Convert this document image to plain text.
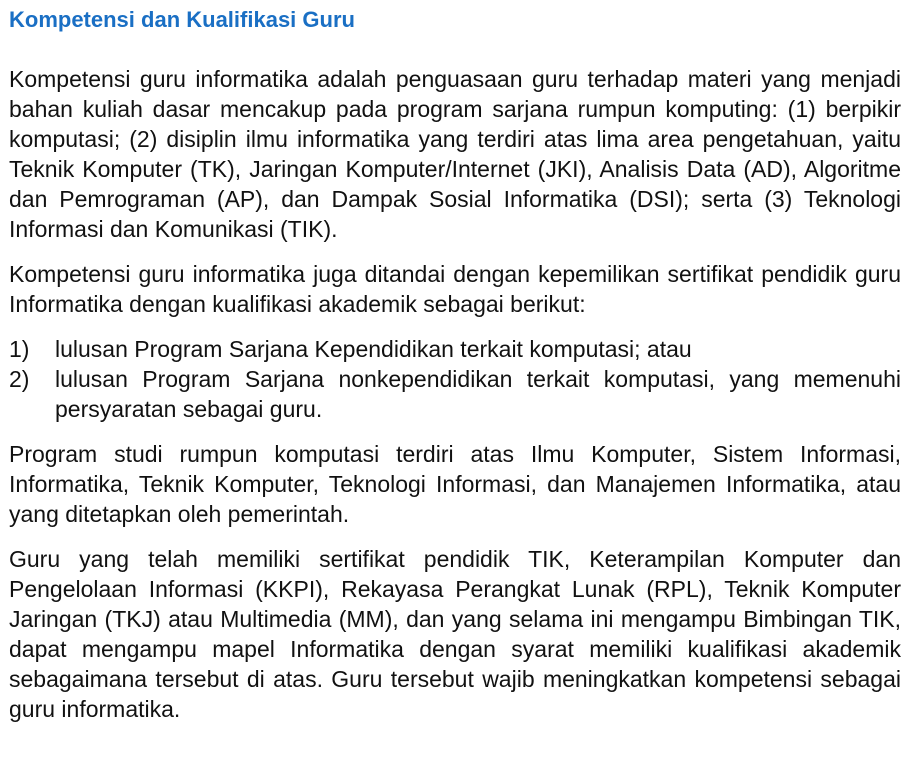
Kompetensi dan Kualifikasi Guru

Kompetensi guru informatika adalah penguasaan guru terhadap materi yang menjadi bahan kuliah dasar mencakup pada program sarjana rumpun komputing: (1) berpikir komputasi; (2) disiplin ilmu informatika yang terdiri atas lima area pengetahuan, yaitu Teknik Komputer (TK), Jaringan Komputer/Internet (JKI), Analisis Data (AD), Algoritme dan Pemrograman (AP), dan Dampak Sosial Informatika (DSI); serta (3) Teknologi Informasi dan Komunikasi (TIK).

Kompetensi guru informatika juga ditandai dengan kepemilikan sertifikat pendidik guru Informatika dengan kualifikasi akademik sebagai berikut:

1) lulusan Program Sarjana Kependidikan terkait komputasi; atau
2) lulusan Program Sarjana nonkependidikan terkait komputasi, yang memenuhi persyaratan sebagai guru.

Program studi rumpun komputasi terdiri atas Ilmu Komputer, Sistem Informasi, Informatika, Teknik Komputer, Teknologi Informasi, dan Manajemen Informatika, atau yang ditetapkan oleh pemerintah.

Guru yang telah memiliki sertifikat pendidik TIK, Keterampilan Komputer dan Pengelolaan Informasi (KKPI), Rekayasa Perangkat Lunak (RPL), Teknik Komputer Jaringan (TKJ) atau Multimedia (MM), dan yang selama ini mengampu Bimbingan TIK, dapat mengampu mapel Informatika dengan syarat memiliki kualifikasi akademik sebagaimana tersebut di atas. Guru tersebut wajib meningkatkan kompetensi sebagai guru informatika.
